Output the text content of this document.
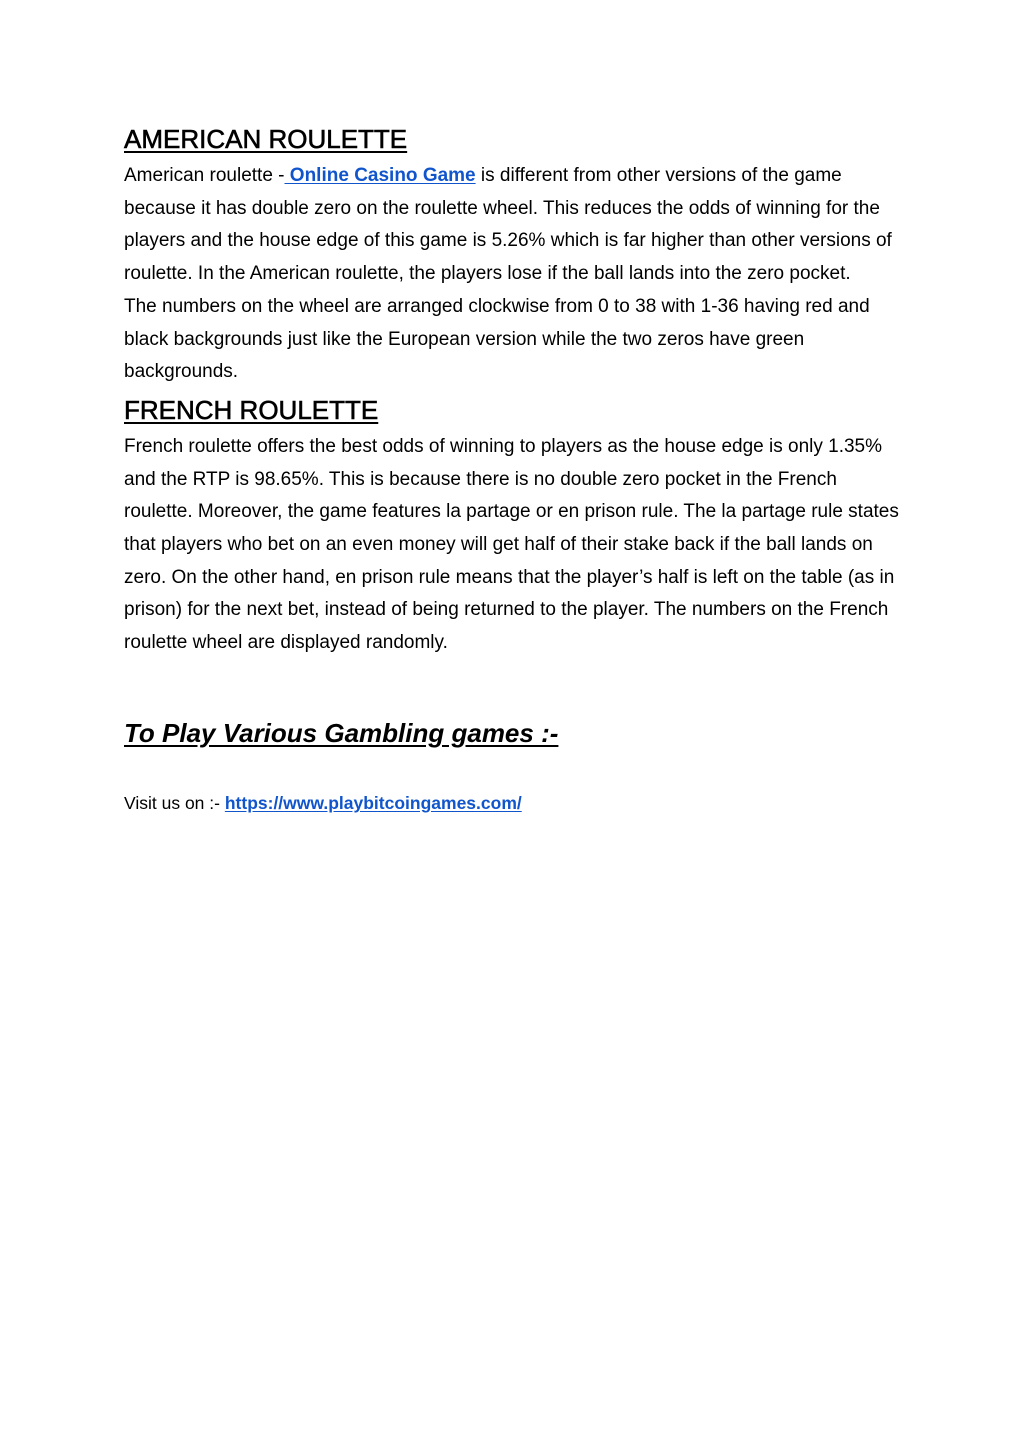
AMERICAN ROULETTE

American roulette - Online Casino Game is different from other versions of the game because it has double zero on the roulette wheel. This reduces the odds of winning for the players and the house edge of this game is 5.26% which is far higher than other versions of roulette. In the American roulette, the players lose if the ball lands into the zero pocket.

The numbers on the wheel are arranged clockwise from 0 to 38 with 1-36 having red and black backgrounds just like the European version while the two zeros have green backgrounds.

FRENCH ROULETTE

French roulette offers the best odds of winning to players as the house edge is only 1.35% and the RTP is 98.65%. This is because there is no double zero pocket in the French roulette. Moreover, the game features la partage or en prison rule. The la partage rule states that players who bet on an even money will get half of their stake back if the ball lands on zero. On the other hand, en prison rule means that the player’s half is left on the table (as in prison) for the next bet, instead of being returned to the player. The numbers on the French roulette wheel are displayed randomly.

To Play Various Gambling games :-

Visit us on :- https://www.playbitcoingames.com/
